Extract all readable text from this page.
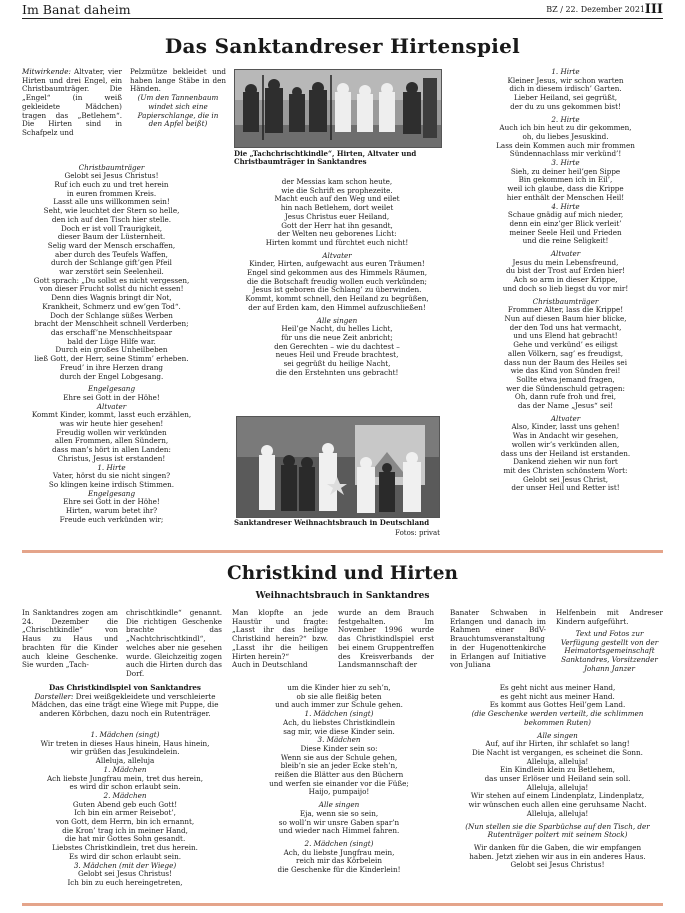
Im Banat daheim	BZ / 22. Dezember 2021 III
Das Sanktandreser Hirtenspiel
Mitwirkende: Altvater, vier Hirten und drei Engel, ein Christbaumträger. Die „Engel“ (in weiß gekleidete Mädchen) tragen das „Betlehem“. Die Hirten sind in Schafpelz und
Christbaumträger
Gelobt sei Jesus Christus!
Ruf ich euch zu und tret herein
in euren frommen Kreis.
Lasst alle uns willkommen sein!
Seht, wie leuchtet der Stern so helle,
den ich auf den Tisch hier stelle.
Doch er ist voll Traurigkeit,
dieser Baum der Lüsternheit.
Selig ward der Mensch erschaffen,
aber durch des Teufels Waffen,
durch der Schlange gift’gen Pfeil
war zerstört sein Seelenheil.
Gott sprach: „Du sollst es nicht vergessen,
von dieser Frucht sollst du nicht essen!
Denn dies Wagnis bringt dir Not,
Krankheit, Schmerz und ew’gen Tod“.
Doch der Schlange süßes Werben
bracht der Menschheit schnell Verderben;
das erschaff’ne Menschheitspaar
bald der Lüge Hilfe war.
Durch ein großes Unheilbeben
ließ Gott, der Herr, seine Stimm’ erheben.
Freud’ in ihre Herzen drang
durch der Engel Lobgesang.
Engelgesang
Ehre sei Gott in der Höhe!
Altvater
Kommt Kinder, kommt, lasst euch erzählen,
was wir heute hier gesehen!
Freudig wollen wir verkünden
allen Frommen, allen Sündern,
dass man’s hört in allen Landen:
Christus, Jesus ist erstanden!
1. Hirte
Vater, hörst du sie nicht singen?
So klingen keine irdisch Stimmen.
Engelgesang
Ehre sei Gott in der Höhe!
Hirten, warum betet ihr?
Freude euch verkünden wir;
Pelzmütze bekleidet und haben lange Stäbe in den Händen.
(Um den Tannenbaum windet sich eine Papierschlange, die in den Apfel beißt)
Die „Tachchrischtkindle“, Hirten, Altvater und Christbaumträger in Sanktandres
der Messias kam schon heute,
wie die Schrift es prophezeite.
Macht euch auf den Weg und eilet
hin nach Betlehem, dort weilet
Jesus Christus euer Heiland,
Gott der Herr hat ihn gesandt,
der Welten neu geborenes Licht:
Hirten kommt und fürchtet euch nicht!
Altvater
Kinder, Hirten, aufgewacht aus euren Träumen!
Engel sind gekommen aus des Himmels Räumen,
die die Botschaft freudig wollen euch verkünden;
Jesus ist geboren die Schlang’ zu überwinden.
Kommt, kommt schnell, den Heiland zu begrüßen,
der auf Erden kam, den Himmel aufzuschließen!
Alle singen
Heil’ge Nacht, du helles Licht,
für uns die neue Zeit anbricht;
den Gerechten – wie du dachtest –
neues Heil und Freude brachtest,
sei gegrüßt du heilige Nacht,
die den Erstehnten uns gebracht!
Sanktandreser Weihnachtsbrauch in Deutschland
Fotos: privat
1. Hirte
Kleiner Jesus, wir schon warten
dich in diesem irdisch’ Garten.
Lieber Heiland, sei gegrüßt,
der du zu uns gekommen bist!
2. Hirte
Auch ich bin heut zu dir gekommen,
oh, du liebes Jesuskind.
Lass dein Kommen auch mir frommen
Sündennachlass mir verkünd’!
3. Hirte
Sieh, zu deiner heil’gen Sippe
Bin gekommen ich in Eil’,
weil ich glaube, dass die Krippe
hier enthält der Menschen Heil!
4. Hirte
Schaue gnädig auf mich nieder,
denn ein einz’ger Blick verleit’
meiner Seele Heil und Frieden
und die reine Seligkeit!
Altvater
Jesus du mein Lebensfreund,
du bist der Trost auf Erden hier!
Ach so arm in dieser Krippe,
und doch so lieb liegst du vor mir!
Christbaumträger
Frommer Alter, lass die Krippe!
Nun auf diesen Baum hier blicke,
der den Tod uns hat vermacht,
und uns Elend hat gebracht!
Gehe und verkünd’ es eiligst
allen Völkern, sag’ es freudigst,
dass nun der Baum des Heiles sei
wie das Kind von Sünden frei!
Sollte etwa jemand fragen,
wer die Sündenschuld getragen:
Oh, dann rufe froh und frei,
das der Name „Jesus“ sei!
Altvater
Also, Kinder, lasst uns gehen!
Was in Andacht wir gesehen,
wollen wir’s verkünden allen,
dass uns der Heiland ist erstanden.
Dankend ziehen wir nun fort
mit des Christen schönstem Wort:
Gelobt sei Jesus Christ,
der unser Heil und Retter ist!
Christkind und Hirten
Weihnachtsbrauch in Sanktandres
In Sanktandres zogen am 24. Dezember die „Chrischtkindle“ von Haus zu Haus und brachten für die Kinder auch kleine Geschenke. Sie wurden „Tach-
chrischtkindle“ genannt. Die richtigen Geschenke brachte das „Nachtchrischtkindl“, welches aber nie gesehen wurde. Gleichzeitig zogen auch die Hirten durch das Dorf.
Man klopfte an jede Haustür und fragte: „Lasst ihr das heilige Christkind herein?“ bzw. „Lasst ihr die heiligen Hirten herein?“
Auch in Deutschland
wurde an dem Brauch festgehalten. Im November 1996 wurde das Christkindlspiel erst bei einem Gruppentreffen des Kreisverbands der Landsmannschaft der
Banater Schwaben in Erlangen und danach im Rahmen einer BdV-Brauchtumsveranstaltung in der Hugenottenkirche in Erlangen auf Initiative von Juliana
Helfenbein mit Andreser Kindern aufgeführt.
Text und Fotos zur Verfügung gestellt von der Heimatortsgemeinschaft Sanktandres, Vorsitzender Johann Janzer
Das Christkindlspiel von Sanktandres
Darsteller: Drei weißgekleidete und verschleierte Mädchen, das eine trägt eine Wiege mit Puppe, die anderen Körbchen, dazu noch ein Rutenträger.
1. Mädchen (singt)
Wir treten in dieses Haus hinein, Haus hinein,
wir grüßen das Jesukindelein.
Alleluja, alleluja
1. Mädchen
Ach liebste Jungfrau mein, tret dus herein,
es wird dir schon erlaubt sein.
2. Mädchen
Guten Abend geb euch Gott!
Ich bin ein armer Reisebot’,
von Gott, dem Herrn, bin ich ernannt,
die Kron’ trag ich in meiner Hand,
die hat mir Gottes Sohn gesandt.
Liebstes Christkindlein, tret dus herein.
Es wird dir schon erlaubt sein.
3. Mädchen (mit der Wiege)
Gelobt sei Jesus Christus!
Ich bin zu euch hereingetreten,
um die Kinder hier zu seh’n,
ob sie alle fleißig beten
und auch immer zur Schule gehen.
1. Mädchen (singt)
Ach, du liebstes Christkindlein
sag mir, wie diese Kinder sein.
3. Mädchen
Diese Kinder sein so:
Wenn sie aus der Schule gehen,
bleib’n sie an jeder Ecke steh’n,
reißen die Blätter aus den Büchern
und werfen sie einander vor die Füße;
Haijo, pumpaijo!
Alle singen
Eja, wenn sie so sein,
so woll’n wir unsre Gaben spar’n
und wieder nach Himmel fahren.
2. Mädchen (singt)
Ach, du liebste Jungfrau mein,
reich mir das Körbelein
die Geschenke für die Kinderlein!
Es geht nicht aus meiner Hand,
es geht nicht aus meiner Hand.
Es kommt aus Gottes Heil’gem Land.
(die Geschenke werden verteilt, die schlimmen bekommen Ruten)
Alle singen
Auf, auf ihr Hirten, ihr schlafet so lang!
Die Nacht ist vergangen, es scheinet die Sonn.
Alleluja, alleluja!
Ein Kindlein klein zu Betlehem,
das unser Erlöser und Heiland sein soll.
Alleluja, alleluja!
Wir stehen auf einem Lindenplatz, Lindenplatz,
wir wünschen euch allen eine geruhsame Nacht.
Alleluja, alleluja!
(Nun stellen sie die Sparbüchse auf den Tisch, der Rutenträger poltert mit seinem Stock)
Wir danken für die Gaben, die wir empfangen
haben. Jetzt ziehen wir aus in ein anderes Haus.
Gelobt sei Jesus Christus!
